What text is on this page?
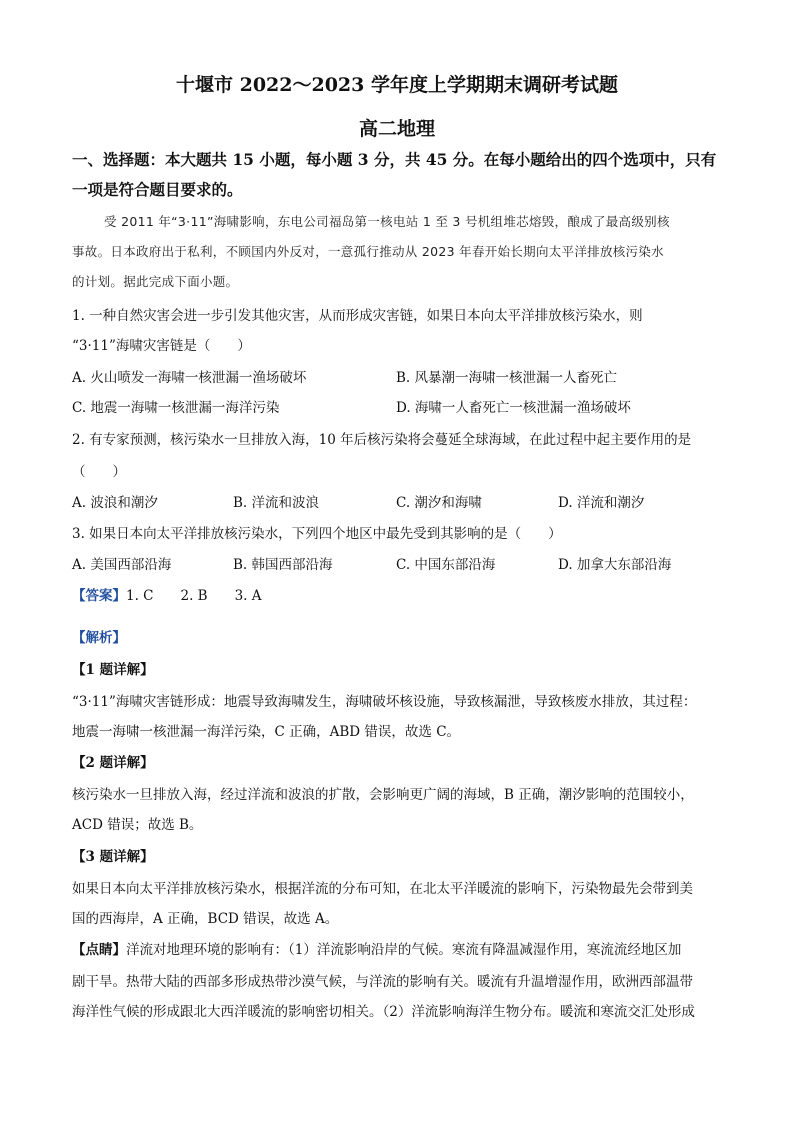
十堰市 2022～2023 学年度上学期期末调研考试题
高二地理
一、选择题：本大题共 15 小题，每小题 3 分，共 45 分。在每小题给出的四个选项中，只有
一项是符合题目要求的。
受 2011 年“3·11”海啸影响，东电公司福岛第一核电站 1 至 3 号机组堆芯熔毁，酿成了最高级别核
事故。日本政府出于私利，不顾国内外反对，一意孤行推动从 2023 年春开始长期向太平洋排放核污染水
的计划。据此完成下面小题。
1. 一种自然灾害会进一步引发其他灾害，从而形成灾害链，如果日本向太平洋排放核污染水，则
“3·11”海啸灾害链是（　　）
A. 火山喷发一海啸一核泄漏一渔场破坏	B. 风暴潮一海啸一核泄漏一人畜死亡
C. 地震一海啸一核泄漏一海洋污染	D. 海啸一人畜死亡一核泄漏一渔场破坏
2. 有专家预测，核污染水一旦排放入海，10 年后核污染将会蔓延全球海域，在此过程中起主要作用的是
（　　）
A. 波浪和潮汐	B. 洋流和波浪	C. 潮汐和海啸	D. 洋流和潮汐
3. 如果日本向太平洋排放核污染水，下列四个地区中最先受到其影响的是（　　）
A. 美国西部沿海	B. 韩国西部沿海	C. 中国东部沿海	D. 加拿大东部沿海
【答案】1. C　　2. B　　3. A
【解析】
【1 题详解】
“3·11”海啸灾害链形成：地震导致海啸发生，海啸破坏核设施，导致核漏泄，导致核废水排放，其过程：
地震一海啸一核泄漏一海洋污染，C 正确，ABD 错误，故选 C。
【2 题详解】
核污染水一旦排放入海，经过洋流和波浪的扩散，会影响更广阔的海域，B 正确，潮汐影响的范围较小，
ACD 错误；故选 B。
【3 题详解】
如果日本向太平洋排放核污染水，根据洋流的分布可知，在北太平洋暖流的影响下，污染物最先会带到美
国的西海岸，A 正确，BCD 错误，故选 A。
【点睛】洋流对地理环境的影响有：（1）洋流影响沿岸的气候。寒流有降温减湿作用，寒流流经地区加
剧干旱。热带大陆的西部多形成热带沙漠气候，与洋流的影响有关。暖流有升温增湿作用，欧洲西部温带
海洋性气候的形成跟北大西洋暖流的影响密切相关。（2）洋流影响海洋生物分布。暖流和寒流交汇处形成
